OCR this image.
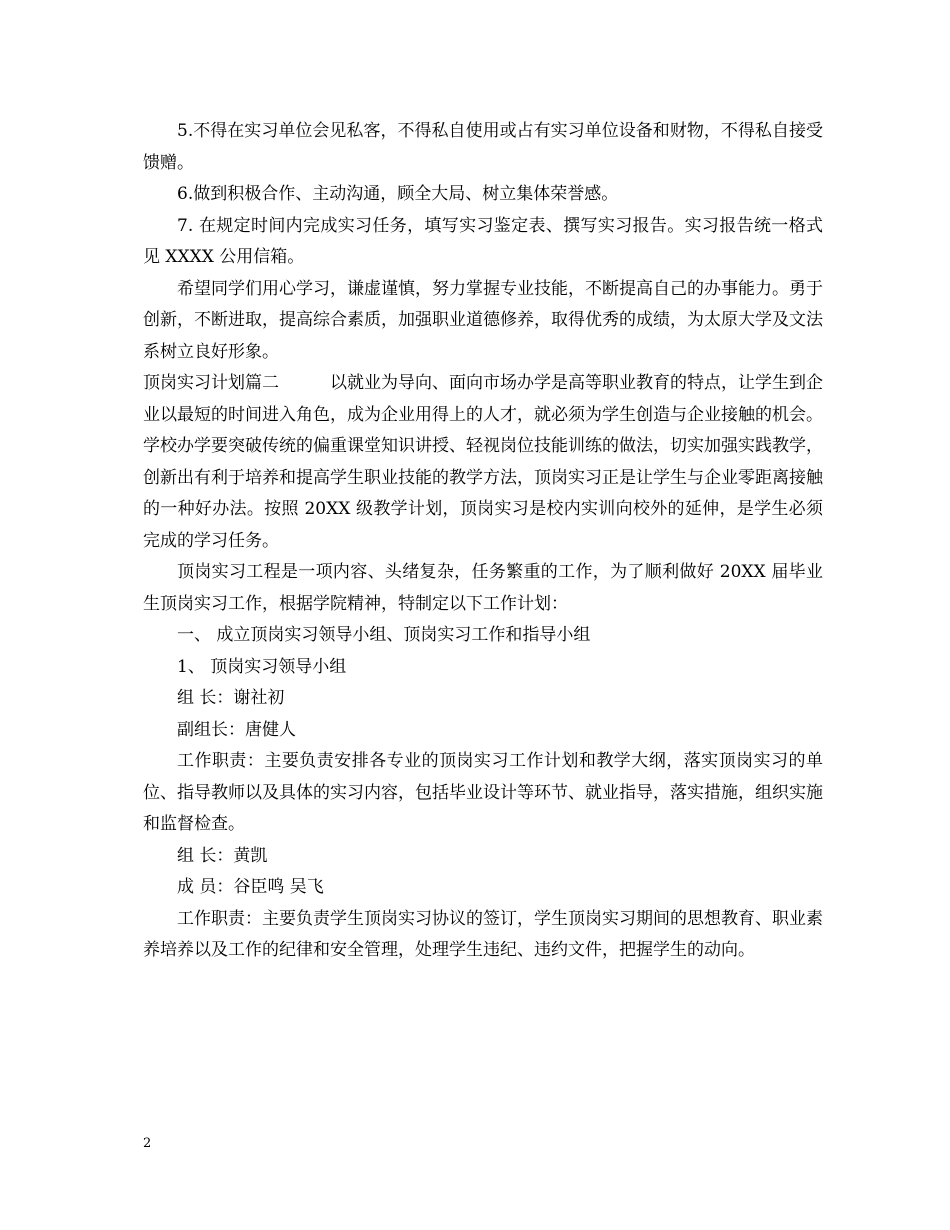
5.不得在实习单位会见私客，不得私自使用或占有实习单位设备和财物，不得私自接受馈赠。

6.做到积极合作、主动沟通，顾全大局、树立集体荣誉感。

7. 在规定时间内完成实习任务，填写实习鉴定表、撰写实习报告。实习报告统一格式见 XXXX 公用信箱。

希望同学们用心学习，谦虚谨慎，努力掌握专业技能，不断提高自己的办事能力。勇于创新，不断进取，提高综合素质，加强职业道德修养，取得优秀的成绩，为太原大学及文法系树立良好形象。

顶岗实习计划篇二　　　以就业为导向、面向市场办学是高等职业教育的特点，让学生到企业以最短的时间进入角色，成为企业用得上的人才，就必须为学生创造与企业接触的机会。学校办学要突破传统的偏重课堂知识讲授、轻视岗位技能训练的做法，切实加强实践教学，创新出有利于培养和提高学生职业技能的教学方法，顶岗实习正是让学生与企业零距离接触的一种好办法。按照 20XX 级教学计划，顶岗实习是校内实训向校外的延伸，是学生必须完成的学习任务。

顶岗实习工程是一项内容、头绪复杂，任务繁重的工作，为了顺利做好 20XX 届毕业生顶岗实习工作，根据学院精神，特制定以下工作计划：

一、 成立顶岗实习领导小组、顶岗实习工作和指导小组

1、 顶岗实习领导小组

组 长：谢社初

副组长：唐健人

工作职责：主要负责安排各专业的顶岗实习工作计划和教学大纲，落实顶岗实习的单位、指导教师以及具体的实习内容，包括毕业设计等环节、就业指导，落实措施，组织实施和监督检查。

组 长：黄凯

成 员：谷臣鸣 吴飞

工作职责：主要负责学生顶岗实习协议的签订，学生顶岗实习期间的思想教育、职业素养培养以及工作的纪律和安全管理，处理学生违纪、违约文件，把握学生的动向。

2
